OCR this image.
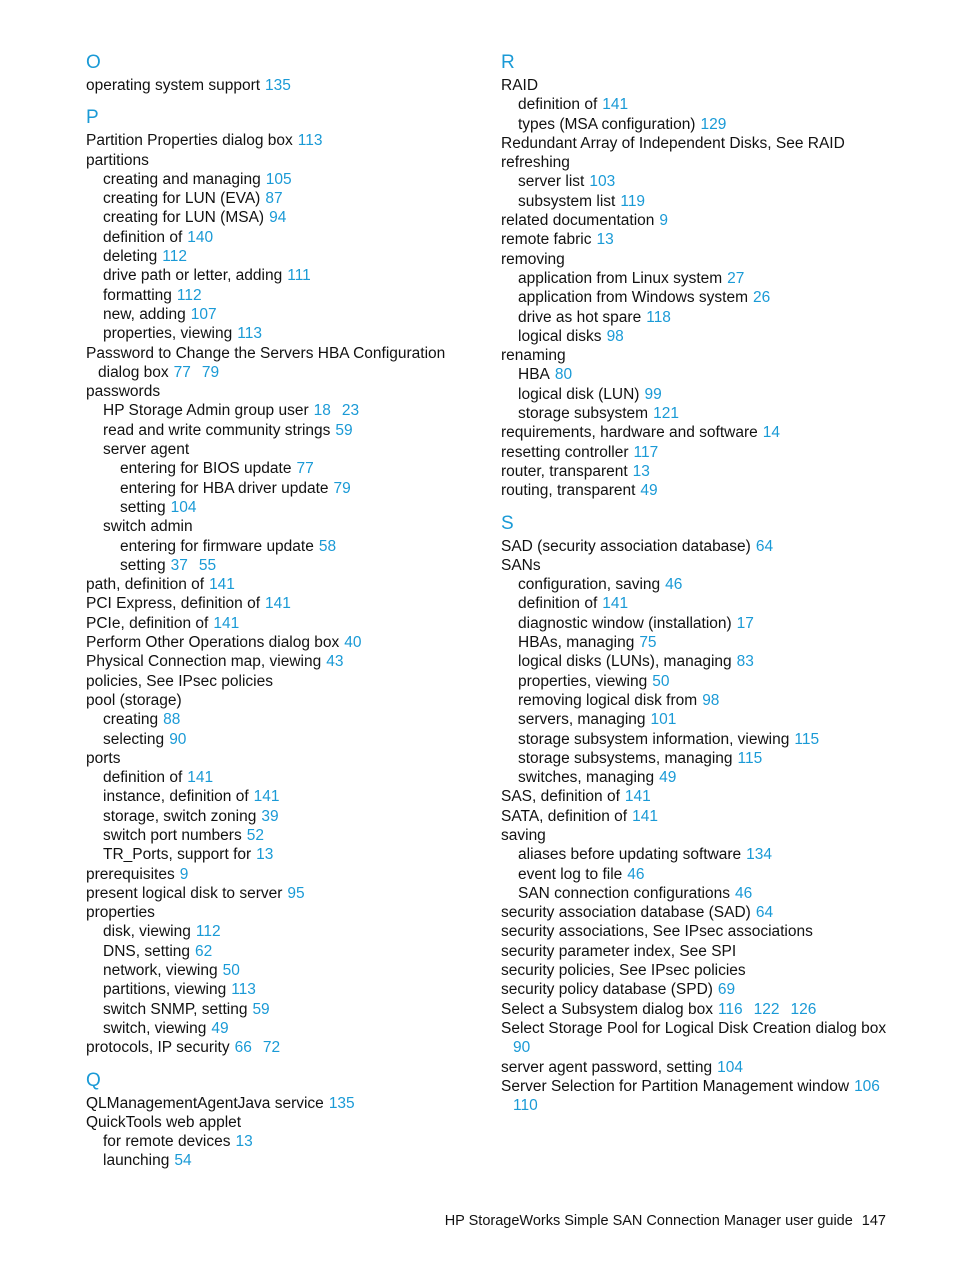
O
operating system support 135
P
Partition Properties dialog box 113
partitions
creating and managing 105
creating for LUN (EVA) 87
creating for LUN (MSA) 94
definition of 140
deleting 112
drive path or letter, adding 111
formatting 112
new, adding 107
properties, viewing 113
Password to Change the Servers HBA Configuration
dialog box 77 79
passwords
HP Storage Admin group user 18 23
read and write community strings 59
server agent
entering for BIOS update 77
entering for HBA driver update 79
setting 104
switch admin
entering for firmware update 58
setting 37 55
path, definition of 141
PCI Express, definition of 141
PCIe, definition of 141
Perform Other Operations dialog box 40
Physical Connection map, viewing 43
policies, See IPsec policies
pool (storage)
creating 88
selecting 90
ports
definition of 141
instance, definition of 141
storage, switch zoning 39
switch port numbers 52
TR_Ports, support for 13
prerequisites 9
present logical disk to server 95
properties
disk, viewing 112
DNS, setting 62
network, viewing 50
partitions, viewing 113
switch SNMP, setting 59
switch, viewing 49
protocols, IP security 66 72
Q
QLManagementAgentJava service 135
QuickTools web applet
for remote devices 13
launching 54
R
RAID
definition of 141
types (MSA configuration) 129
Redundant Array of Independent Disks, See RAID
refreshing
server list 103
subsystem list 119
related documentation 9
remote fabric 13
removing
application from Linux system 27
application from Windows system 26
drive as hot spare 118
logical disks 98
renaming
HBA 80
logical disk (LUN) 99
storage subsystem 121
requirements, hardware and software 14
resetting controller 117
router, transparent 13
routing, transparent 49
S
SAD (security association database) 64
SANs
configuration, saving 46
definition of 141
diagnostic window (installation) 17
HBAs, managing 75
logical disks (LUNs), managing 83
properties, viewing 50
removing logical disk from 98
servers, managing 101
storage subsystem information, viewing 115
storage subsystems, managing 115
switches, managing 49
SAS, definition of 141
SATA, definition of 141
saving
aliases before updating software 134
event log to file 46
SAN connection configurations 46
security association database (SAD) 64
security associations, See IPsec associations
security parameter index, See SPI
security policies, See IPsec policies
security policy database (SPD) 69
Select a Subsystem dialog box 116 122 126
Select Storage Pool for Logical Disk Creation dialog box
90
server agent password, setting 104
Server Selection for Partition Management window 106
110
HP StorageWorks Simple SAN Connection Manager user guide 147
